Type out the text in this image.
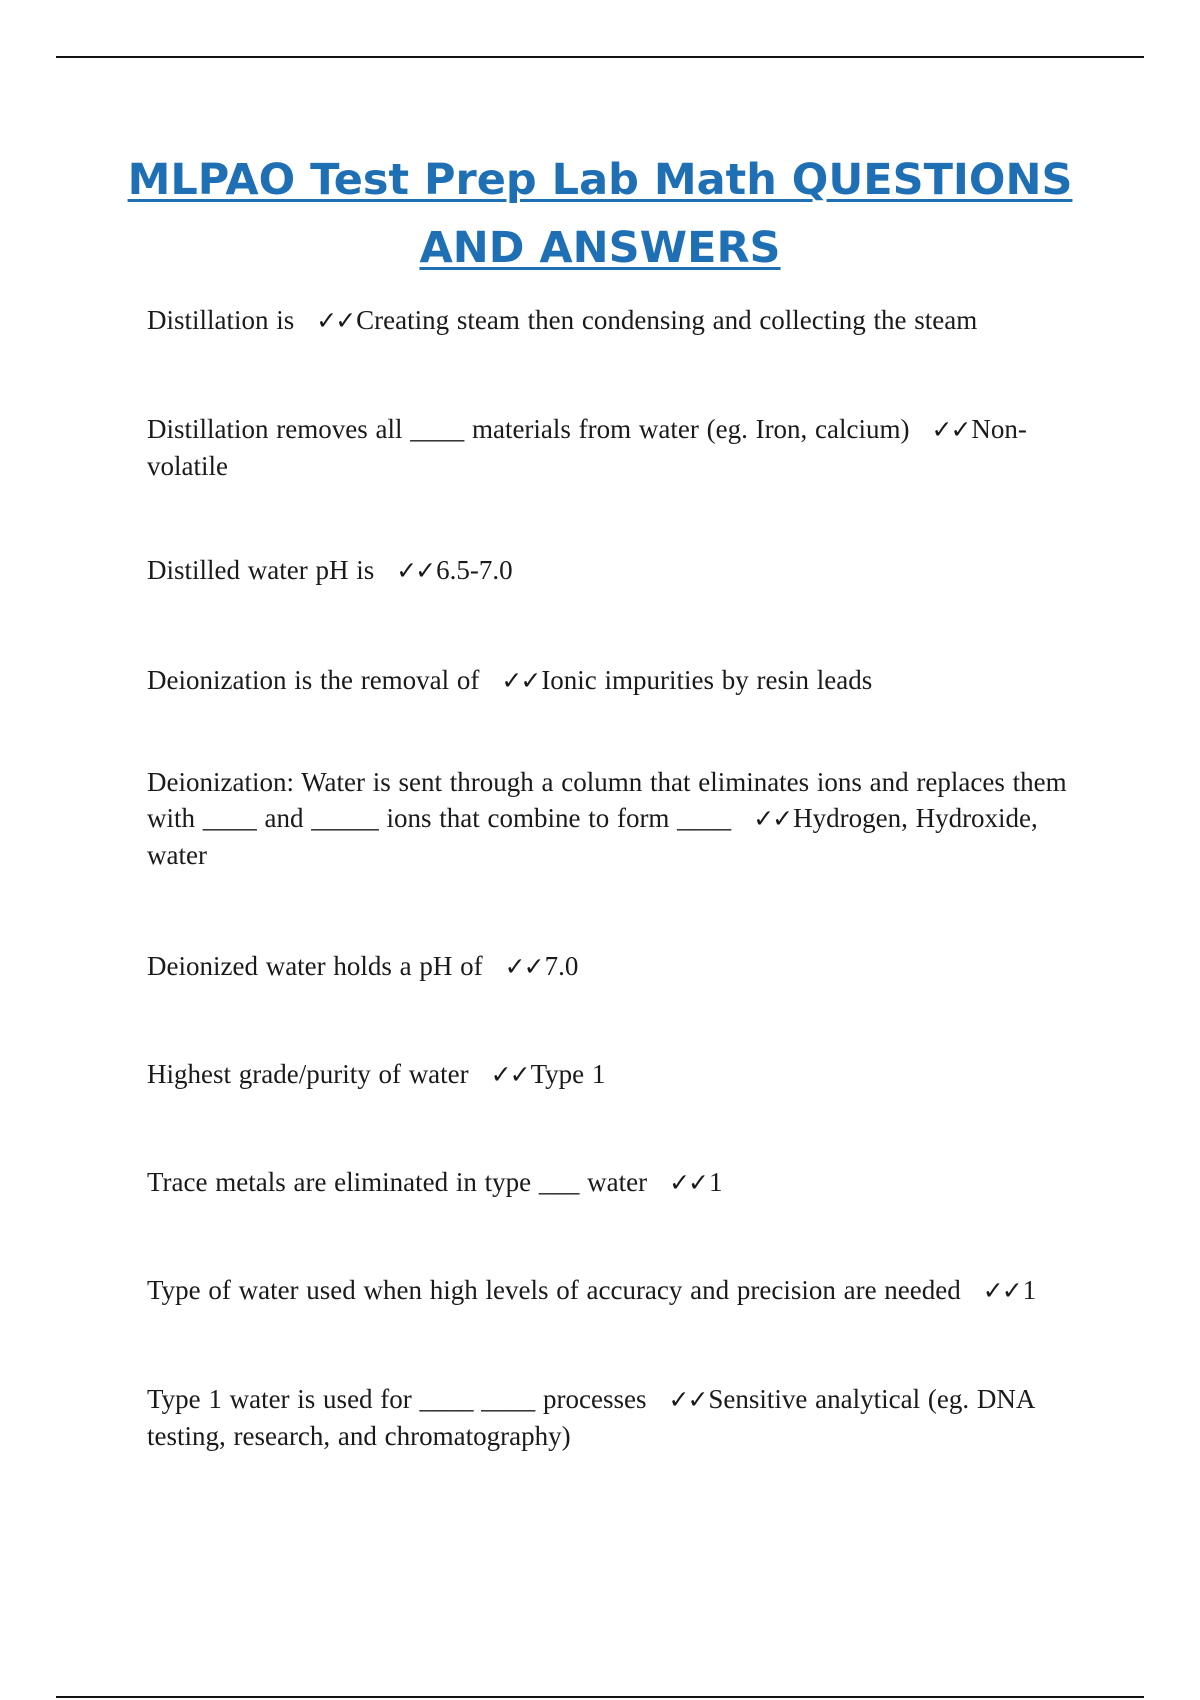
MLPAO Test Prep Lab Math QUESTIONS
AND ANSWERS

Distillation is ✓✓Creating steam then condensing and collecting the steam

Distillation removes all ____ materials from water (eg. Iron, calcium) ✓✓Non-volatile

Distilled water pH is ✓✓6.5-7.0

Deionization is the removal of ✓✓Ionic impurities by resin leads

Deionization: Water is sent through a column that eliminates ions and replaces them with ____ and _____ ions that combine to form ____ ✓✓Hydrogen, Hydroxide, water

Deionized water holds a pH of ✓✓7.0

Highest grade/purity of water ✓✓Type 1

Trace metals are eliminated in type ___ water ✓✓1

Type of water used when high levels of accuracy and precision are needed ✓✓1

Type 1 water is used for ____ ____ processes ✓✓Sensitive analytical (eg. DNA testing, research, and chromatography)
